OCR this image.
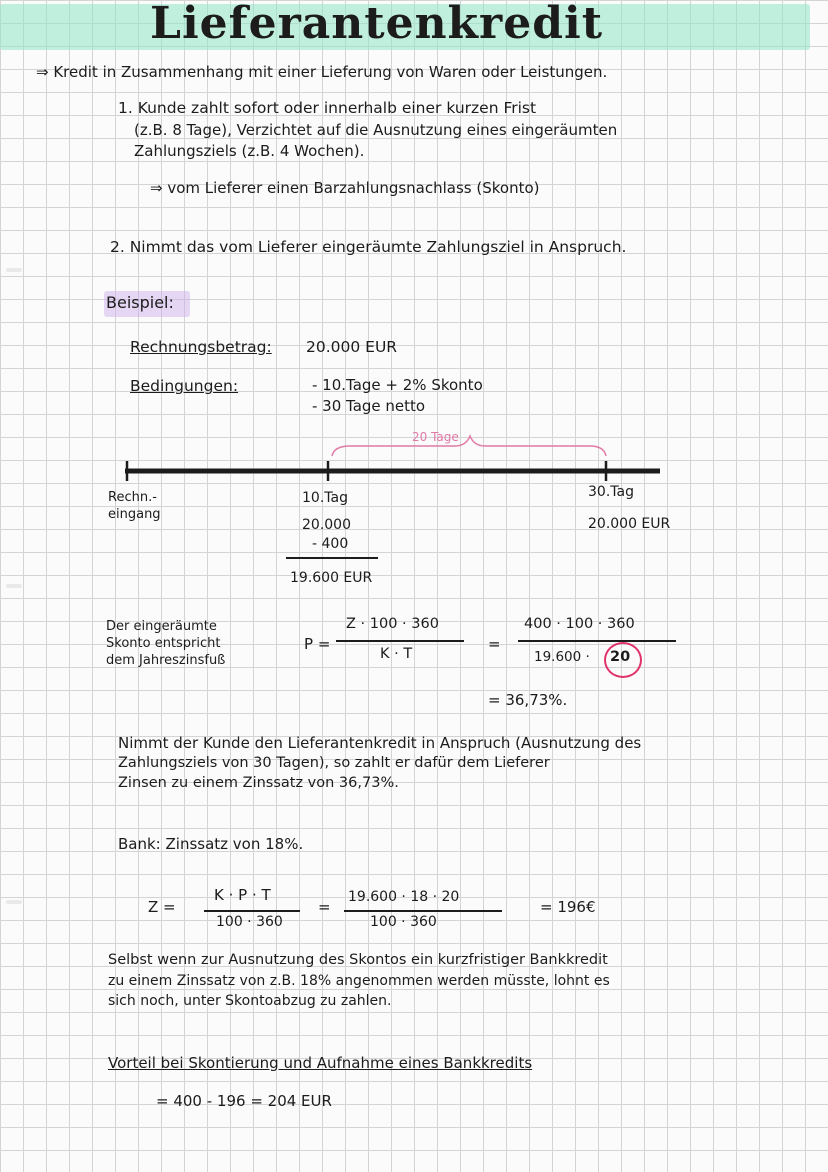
Lieferantenkredit
⇒ Kredit in Zusammenhang mit einer Lieferung von Waren oder Leistungen.
1. Kunde zahlt sofort oder innerhalb einer kurzen Frist
(z.B. 8 Tage), Verzichtet auf die Ausnutzung eines eingeräumten
Zahlungsziels (z.B. 4 Wochen).
⇒ vom Lieferer einen Barzahlungsnachlass (Skonto)
2. Nimmt das vom Lieferer eingeräumte Zahlungsziel in Anspruch.
Beispiel:
Rechnungsbetrag: 20.000 EUR
Bedingungen:	- 10.Tage + 2% Skonto
- 30 Tage netto
20 Tage
Rechn.-
eingang
10.Tag
20.000
- 400
19.600 EUR
30.Tag
20.000 EUR
Der eingeräumte
Skonto entspricht
dem Jahreszinsfuß
P =
Z · 100 · 360
K · T
=
400 · 100 · 360
19.600 · 20
= 36,73%.
Nimmt der Kunde den Lieferantenkredit in Anspruch (Ausnutzung des
Zahlungsziels von 30 Tagen), so zahlt er dafür dem Lieferer
Zinsen zu einem Zinssatz von 36,73%.
Bank: Zinssatz von 18%.
Z =
K · P · T
100 · 360
=
19.600 · 18 · 20
100 · 360
= 196€
Selbst wenn zur Ausnutzung des Skontos ein kurzfristiger Bankkredit
zu einem Zinssatz von z.B. 18% angenommen werden müsste, lohnt es
sich noch, unter Skontoabzug zu zahlen.
Vorteil bei Skontierung und Aufnahme eines Bankkredits
= 400 - 196 = 204 EUR
